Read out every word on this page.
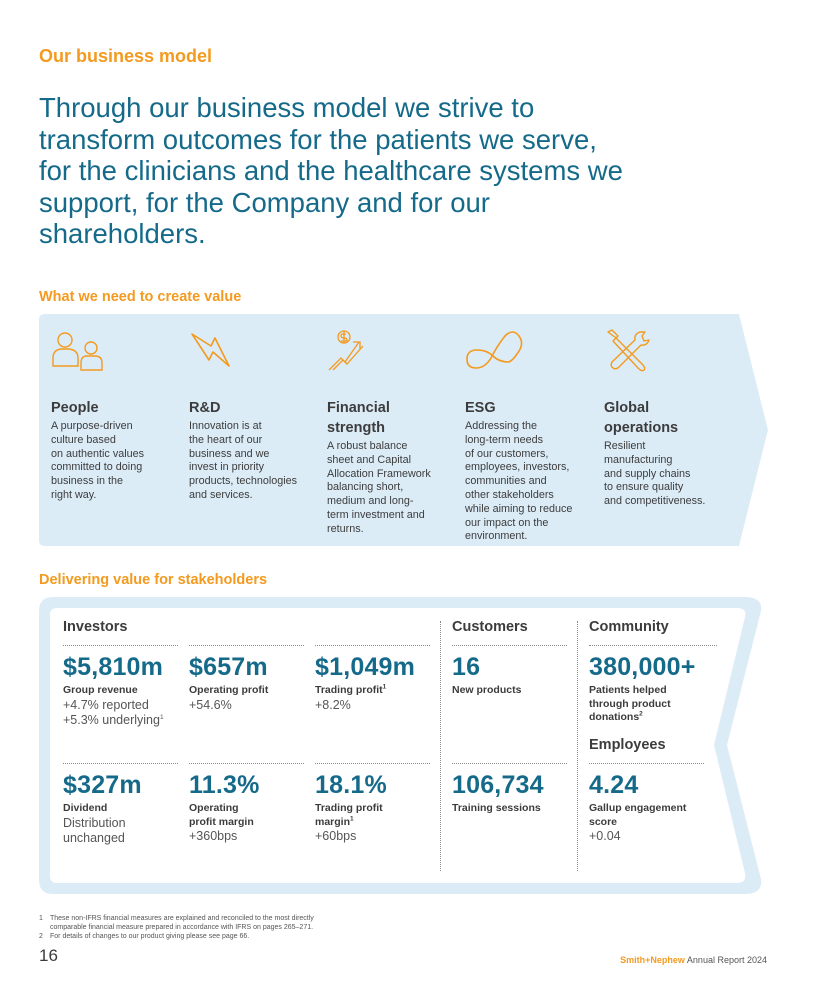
Our business model
Through our business model we strive to
transform outcomes for the patients we serve,
for the clinicians and the healthcare systems we
support, for the Company and for our
shareholders.
What we need to create value
People
A purpose-driven
culture based
on authentic values
committed to doing
business in the
right way.
R&D
Innovation is at
the heart of our
business and we
invest in priority
products, technologies
and services.
Financial
strength
A robust balance
sheet and Capital
Allocation Framework
balancing short,
medium and long-
term investment and
returns.
ESG
Addressing the
long-term needs
of our customers,
employees, investors,
communities and
other stakeholders
while aiming to reduce
our impact on the
environment.
Global
operations
Resilient
manufacturing
and supply chains
to ensure quality
and competitiveness.
Delivering value for stakeholders
Investors	Customers	Community
Employees
$5,810m
Group revenue
+4.7% reported
+5.3% underlying$^1$
$657m
Operating profit
+54.6%
$1,049m
Trading profit$^1$
+8.2%
16
New products
380,000+
Patients helped
through product
donations$^2$
$327m
Dividend
Distribution
unchanged
11.3%
Operating
profit margin
+360bps
18.1%
Trading profit
margin$^1$
+60bps
106,734
Training sessions
4.24
Gallup engagement
score
+0.04
1	These non-IFRS financial measures are explained and reconciled to the most directly
comparable financial measure prepared in accordance with IFRS on pages 265–271.
2	For details of changes to our product giving please see page 66.
16	Smith+Nephew Annual Report 2024
